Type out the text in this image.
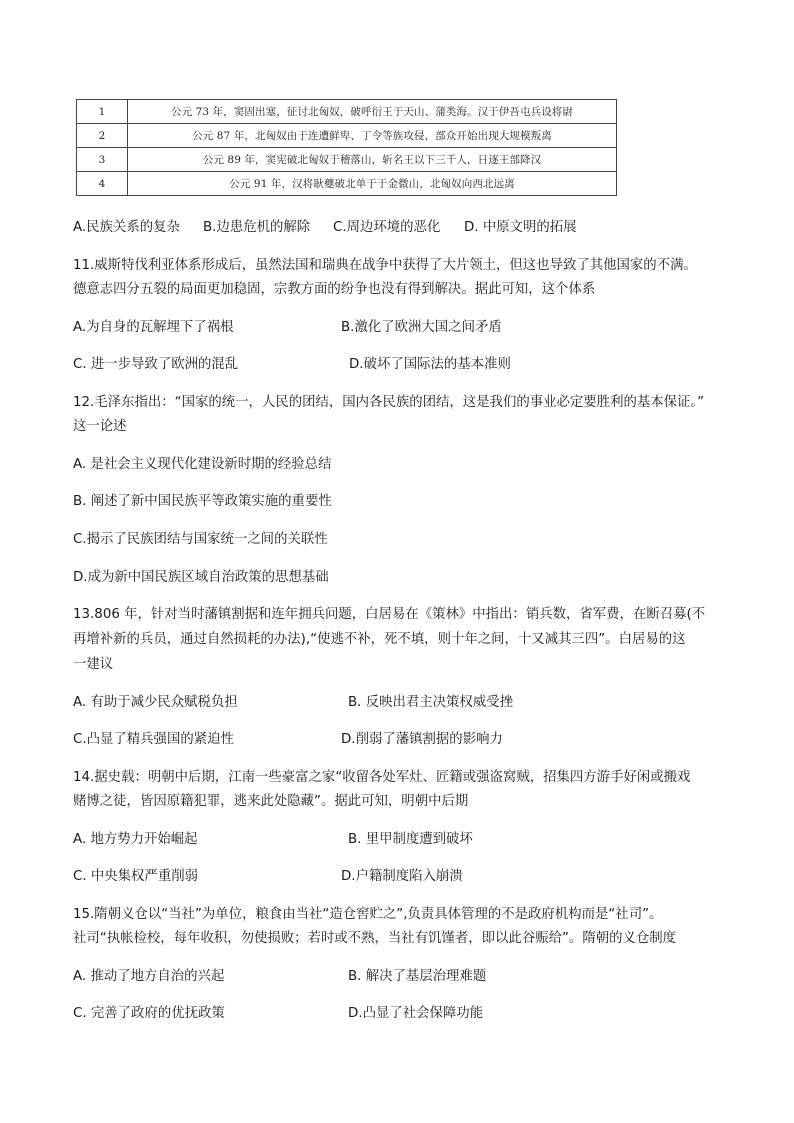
1	公元 73 年，窦固出塞，征讨北匈奴，破呼衍王于天山、蒲类海。汉于伊吾屯兵设将尉
2	公元 87 年，北匈奴由于连遭鲜卑、丁令等族攻侵，部众开始出现大规模叛离
3	公元 89 年，窦宪破北匈奴于稽落山，斩名王以下三千人，日逐王部降汉
4	公元 91 年，汉将耿夔破北单于于金微山，北匈奴向西北远离
A.民族关系的复杂 B.边患危机的解除 C.周边环境的恶化 D. 中原文明的拓展
11.威斯特伐利亚体系形成后，虽然法国和瑞典在战争中获得了大片领土，但这也导致了其他国家的不满。
德意志四分五裂的局面更加稳固，宗教方面的纷争也没有得到解决。据此可知，这个体系
A.为自身的瓦解埋下了祸根	B.激化了欧洲大国之间矛盾
C. 进一步导致了欧洲的混乱	D.破坏了国际法的基本准则
12.毛泽东指出：“国家的统一，人民的团结，国内各民族的团结，这是我们的事业必定要胜利的基本保证。”
这一论述
A. 是社会主义现代化建设新时期的经验总结
B. 阐述了新中国民族平等政策实施的重要性
C.揭示了民族团结与国家统一之间的关联性
D.成为新中国民族区域自治政策的思想基础
13.806 年，针对当时藩镇割据和连年拥兵问题，白居易在《策林》中指出：销兵数，省军费，在断召募(不
再增补新的兵员，通过自然损耗的办法),“使逃不补，死不填，则十年之间，十又减其三四”。白居易的这
一建议
A. 有助于减少民众赋税负担	B. 反映出君主决策权威受挫
C.凸显了精兵强国的紧迫性	D.削弱了藩镇割据的影响力
14.据史载：明朝中后期，江南一些豪富之家“收留各处军灶、匠籍或强盗窝贼，招集四方游手好闲或搬戏
赌博之徒，皆因原籍犯罪，逃来此处隐藏”。据此可知，明朝中后期
A. 地方势力开始崛起	B. 里甲制度遭到破坏
C. 中央集权严重削弱	D.户籍制度陷入崩溃
15.隋朝义仓以“当社”为单位，粮食由当社“造仓窖贮之”,负责具体管理的不是政府机构而是“社司”。
社司“执帐检校，每年收积，勿使损败；若时或不熟，当社有饥馑者，即以此谷赈给”。隋朝的义仓制度
A. 推动了地方自治的兴起	B. 解决了基层治理难题
C. 完善了政府的优抚政策	D.凸显了社会保障功能
